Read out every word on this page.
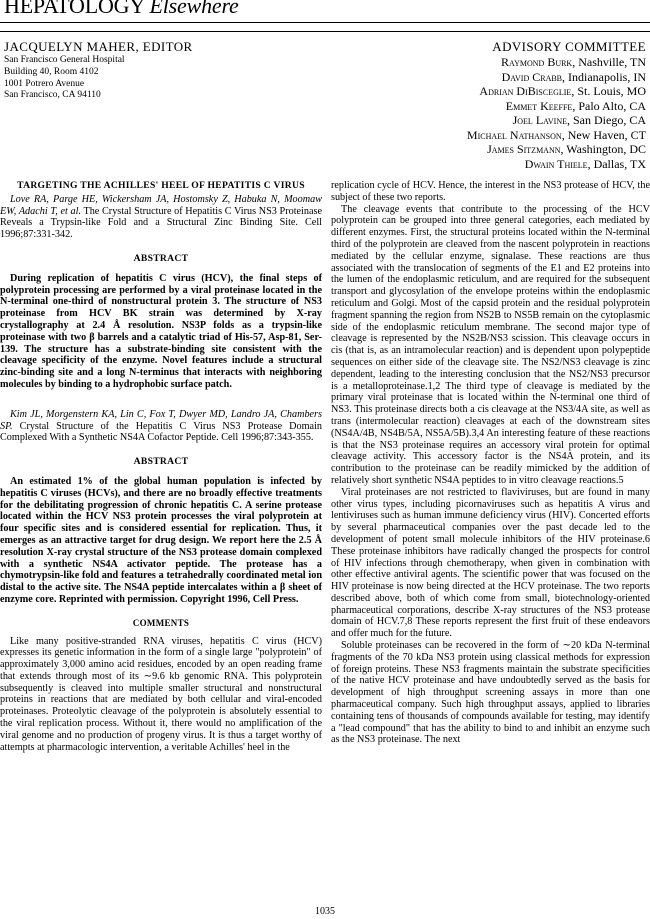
HEPATOLOGY Elsewhere
JACQUELYN MAHER, EDITOR
San Francisco General Hospital
Building 40, Room 4102
1001 Potrero Avenue
San Francisco, CA 94110
ADVISORY COMMITTEE
Raymond Burk, Nashville, TN
David Crabb, Indianapolis, IN
Adrian DiBisceglie, St. Louis, MO
Emmet Keeffe, Palo Alto, CA
Joel Lavine, San Diego, CA
Michael Nathanson, New Haven, CT
James Sitzmann, Washington, DC
Dwain Thiele, Dallas, TX
TARGETING THE ACHILLES' HEEL OF HEPATITIS C VIRUS

Love RA, Parge HE, Wickersham JA, Hostomsky Z, Habuka N, Moomaw EW, Adachi T, et al. The Crystal Structure of Hepatitis C Virus NS3 Proteinase Reveals a Trypsin-like Fold and a Structural Zinc Binding Site. Cell 1996;87:331-342.

ABSTRACT

During replication of hepatitis C virus (HCV), the final steps of polyprotein processing are performed by a viral proteinase located in the N-terminal one-third of nonstructural protein 3. The structure of NS3 proteinase from HCV BK strain was determined by X-ray crystallography at 2.4 Å resolution. NS3P folds as a trypsin-like proteinase with two β barrels and a catalytic triad of His-57, Asp-81, Ser-139. The structure has a substrate-binding site consistent with the cleavage specificity of the enzyme. Novel features include a structural zinc-binding site and a long N-terminus that interacts with neighboring molecules by binding to a hydrophobic surface patch.

Kim JL, Morgenstern KA, Lin C, Fox T, Dwyer MD, Landro JA, Chambers SP. Crystal Structure of the Hepatitis C Virus NS3 Protease Domain Complexed With a Synthetic NS4A Cofactor Peptide. Cell 1996;87:343-355.

ABSTRACT

An estimated 1% of the global human population is infected by hepatitis C viruses (HCVs), and there are no broadly effective treatments for the debilitating progression of chronic hepatitis C. A serine protease located within the HCV NS3 protein processes the viral polyprotein at four specific sites and is considered essential for replication. Thus, it emerges as an attractive target for drug design. We report here the 2.5 Å resolution X-ray crystal structure of the NS3 protease domain complexed with a synthetic NS4A activator peptide. The protease has a chymotrypsin-like fold and features a tetrahedrally coordinated metal ion distal to the active site. The NS4A peptide intercalates within a β sheet of enzyme core. Reprinted with permission. Copyright 1996, Cell Press.

COMMENTS

Like many positive-stranded RNA viruses, hepatitis C virus (HCV) expresses its genetic information in the form of a single large "polyprotein" of approximately 3,000 amino acid residues, encoded by an open reading frame that extends through most of its ∼9.6 kb genomic RNA. This polyprotein subsequently is cleaved into multiple smaller structural and nonstructural proteins in reactions that are mediated by both cellular and viral-encoded proteinases. Proteolytic cleavage of the polyprotein is absolutely essential to the viral replication process. Without it, there would no amplification of the viral genome and no production of progeny virus. It is thus a target worthy of attempts at pharmacologic intervention, a veritable Achilles' heel in the

replication cycle of HCV. Hence, the interest in the NS3 protease of HCV, the subject of these two reports.

The cleavage events that contribute to the processing of the HCV polyprotein can be grouped into three general categories, each mediated by different enzymes. First, the structural proteins located within the N-terminal third of the polyprotein are cleaved from the nascent polyprotein in reactions mediated by the cellular enzyme, signalase. These reactions are thus associated with the translocation of segments of the E1 and E2 proteins into the lumen of the endoplasmic reticulum, and are required for the subsequent transport and glycosylation of the envelope proteins within the endoplasmic reticulum and Golgi. Most of the capsid protein and the residual polyprotein fragment spanning the region from NS2B to NS5B remain on the cytoplasmic side of the endoplasmic reticulum membrane. The second major type of cleavage is represented by the NS2B/NS3 scission. This cleavage occurs in cis (that is, as an intramolecular reaction) and is dependent upon polypeptide sequences on either side of the cleavage site. The NS2/NS3 cleavage is zinc dependent, leading to the interesting conclusion that the NS2/NS3 precursor is a metalloproteinase.1,2 The third type of cleavage is mediated by the primary viral proteinase that is located within the N-terminal one third of NS3. This proteinase directs both a cis cleavage at the NS3/4A site, as well as trans (intermolecular reaction) cleavages at each of the downstream sites (NS4A/4B, NS4B/5A, NS5A/5B).3,4 An interesting feature of these reactions is that the NS3 proteinase requires an accessory viral protein for optimal cleavage activity. This accessory factor is the NS4A protein, and its contribution to the proteinase can be readily mimicked by the addition of relatively short synthetic NS4A peptides to in vitro cleavage reactions.5

Viral proteinases are not restricted to flaviviruses, but are found in many other virus types, including picornaviruses such as hepatitis A virus and lentiviruses such as human immune deficiency virus (HIV). Concerted efforts by several pharmaceutical companies over the past decade led to the development of potent small molecule inhibitors of the HIV proteinase.6 These proteinase inhibitors have radically changed the prospects for control of HIV infections through chemotherapy, when given in combination with other effective antiviral agents. The scientific power that was focused on the HIV proteinase is now being directed at the HCV proteinase. The two reports described above, both of which come from small, biotechnology-oriented pharmaceutical corporations, describe X-ray structures of the NS3 protease domain of HCV.7,8 These reports represent the first fruit of these endeavors and offer much for the future.

Soluble proteinases can be recovered in the form of ∼20 kDa N-terminal fragments of the 70 kDa NS3 protein using classical methods for expression of foreign proteins. These NS3 fragments maintain the substrate specificities of the native HCV proteinase and have undoubtedly served as the basis for development of high throughput screening assays in more than one pharmaceutical company. Such high throughput assays, applied to libraries containing tens of thousands of compounds available for testing, may identify a "lead compound" that has the ability to bind to and inhibit an enzyme such as the NS3 proteinase. The next

1035
